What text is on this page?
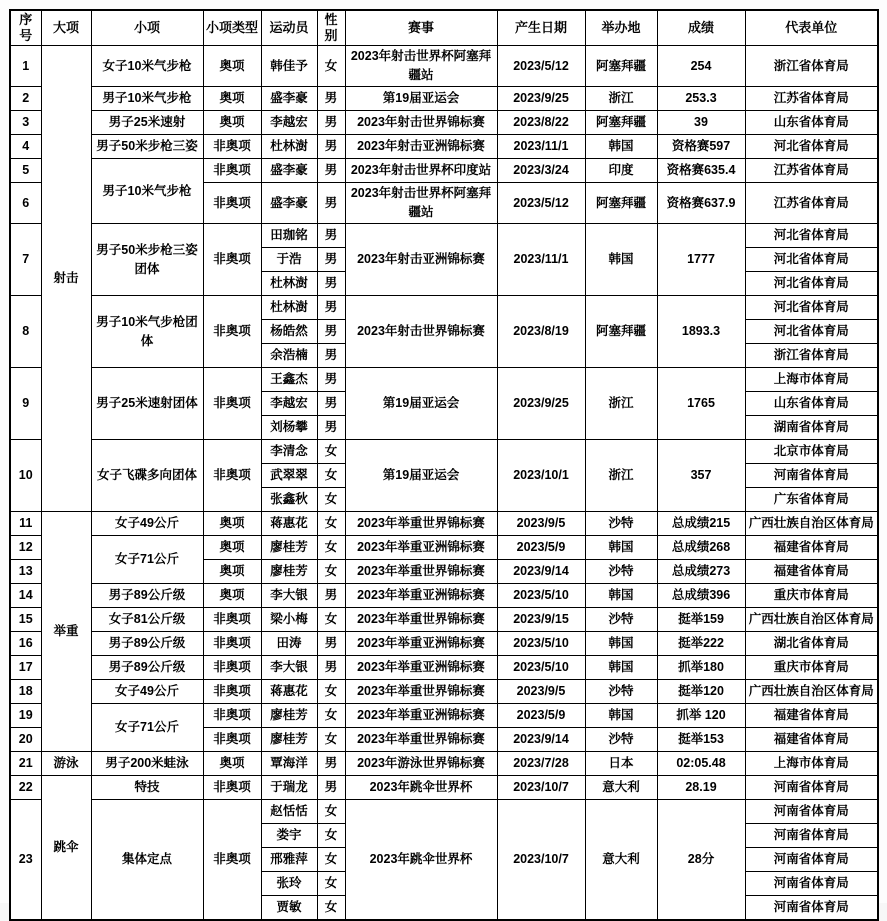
序号	大项	小项	小项类型	运动员	性别	赛事	产生日期	举办地	成绩	代表单位
1	射击	女子10米气步枪	奥项	韩佳予	女	2023年射击世界杯阿塞拜疆站	2023/5/12	阿塞拜疆	254	浙江省体育局
2		男子10米气步枪	奥项	盛李豪	男	第19届亚运会	2023/9/25	浙江	253.3	江苏省体育局
3		男子25米速射	奥项	李越宏	男	2023年射击世界锦标赛	2023/8/22	阿塞拜疆	39	山东省体育局
4		男子50米步枪三姿	非奥项	杜林澍	男	2023年射击亚洲锦标赛	2023/11/1	韩国	资格赛597	河北省体育局
5		男子10米气步枪	非奥项	盛李豪	男	2023年射击世界杯印度站	2023/3/24	印度	资格赛635.4	江苏省体育局
6			非奥项	盛李豪	男	2023年射击世界杯阿塞拜疆站	2023/5/12	阿塞拜疆	资格赛637.9	江苏省体育局
7		男子50米步枪三姿团体	非奥项	田珈铭	男	2023年射击亚洲锦标赛	2023/11/1	韩国	1777	河北省体育局
				于浩	男					河北省体育局
				杜林澍	男					河北省体育局
8		男子10米气步枪团体	非奥项	杜林澍	男	2023年射击世界锦标赛	2023/8/19	阿塞拜疆	1893.3	河北省体育局
				杨皓然	男					河北省体育局
				余浩楠	男					浙江省体育局
9		男子25米速射团体	非奥项	王鑫杰	男	第19届亚运会	2023/9/25	浙江	1765	上海市体育局
				李越宏	男					山东省体育局
				刘杨攀	男					湖南省体育局
10		女子飞碟多向团体	非奥项	李清念	女	第19届亚运会	2023/10/1	浙江	357	北京市体育局
				武翠翠	女					河南省体育局
				张鑫秋	女					广东省体育局
11	举重	女子49公斤	奥项	蒋惠花	女	2023年举重世界锦标赛	2023/9/5	沙特	总成绩215	广西壮族自治区体育局
12		女子71公斤	奥项	廖桂芳	女	2023年举重亚洲锦标赛	2023/5/9	韩国	总成绩268	福建省体育局
13			奥项	廖桂芳	女	2023年举重世界锦标赛	2023/9/14	沙特	总成绩273	福建省体育局
14		男子89公斤级	奥项	李大银	男	2023年举重亚洲锦标赛	2023/5/10	韩国	总成绩396	重庆市体育局
15		女子81公斤级	非奥项	梁小梅	女	2023年举重世界锦标赛	2023/9/15	沙特	挺举159	广西壮族自治区体育局
16		男子89公斤级	非奥项	田涛	男	2023年举重亚洲锦标赛	2023/5/10	韩国	挺举222	湖北省体育局
17		男子89公斤级	非奥项	李大银	男	2023年举重亚洲锦标赛	2023/5/10	韩国	抓举180	重庆市体育局
18		女子49公斤	非奥项	蒋惠花	女	2023年举重世界锦标赛	2023/9/5	沙特	挺举120	广西壮族自治区体育局
19		女子71公斤	非奥项	廖桂芳	女	2023年举重亚洲锦标赛	2023/5/9	韩国	抓举 120	福建省体育局
20			非奥项	廖桂芳	女	2023年举重世界锦标赛	2023/9/14	沙特	挺举153	福建省体育局
21	游泳	男子200米蛙泳	奥项	覃海洋	男	2023年游泳世界锦标赛	2023/7/28	日本	02:05.48	上海市体育局
22	跳伞	特技	非奥项	于瑞龙	男	2023年跳伞世界杯	2023/10/7	意大利	28.19	河南省体育局
23		集体定点	非奥项	赵恬恬	女	2023年跳伞世界杯	2023/10/7	意大利	28分	河南省体育局
				娄宇	女					河南省体育局
				邢雅萍	女					河南省体育局
				张玲	女					河南省体育局
				贾敏	女					河南省体育局
